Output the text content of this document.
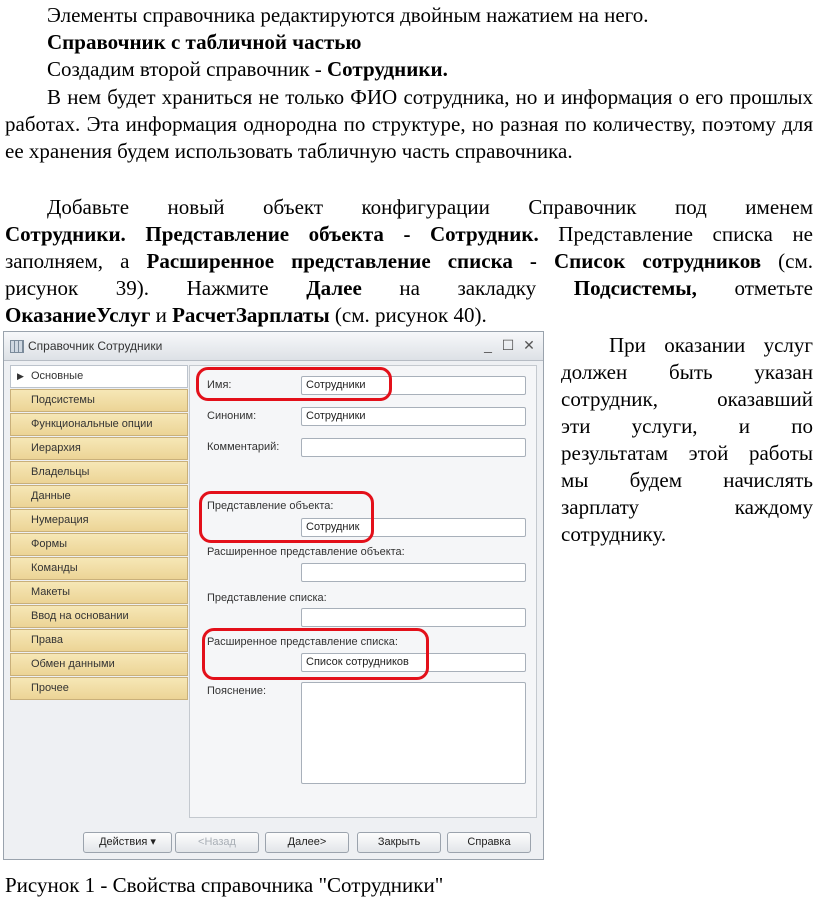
Элементы справочника редактируются двойным нажатием на него.

Справочник с табличной частью

Создадим второй справочник - Сотрудники.

В нем будет храниться не только ФИО сотрудника, но и информация о его прошлых работах. Эта информация однородна по структуре, но разная по количеству, поэтому для ее хранения будем использовать табличную часть справочника.

Добавьте новый объект конфигурации Справочник под именем

Сотрудники. Представление объекта - Сотрудник. Представление списка не

заполняем, а Расширенное представление списка - Список сотрудников (см.

рисунок 39). Нажмите Далее на закладку Подсистемы, отметьте

ОказаниеУслуг и РасчетЗарплаты (см. рисунок 40).

При оказании услуг

должен быть указан

сотрудник, оказавший

эти услуги, и по

результатам этой работы

мы будем начислять

зарплату каждому

сотруднику.

Рисунок 1 - Свойства справочника "Сотрудники"

Справочник Сотрудники	_ ☐ ✕
▶ Основные
Подсистемы
Функциональные опции
Иерархия
Владельцы
Данные
Нумерация
Формы
Команды
Макеты
Ввод на основании
Права
Обмен данными
Прочее
Имя:	Сотрудники
Синоним:	Сотрудники
Комментарий:
Представление объекта:
Сотрудник
Расширенное представление объекта:
Представление списка:
Расширенное представление списка:
Список сотрудников
Пояснение:
Действия ▾	<Назад	Далее>	Закрыть	Справка
